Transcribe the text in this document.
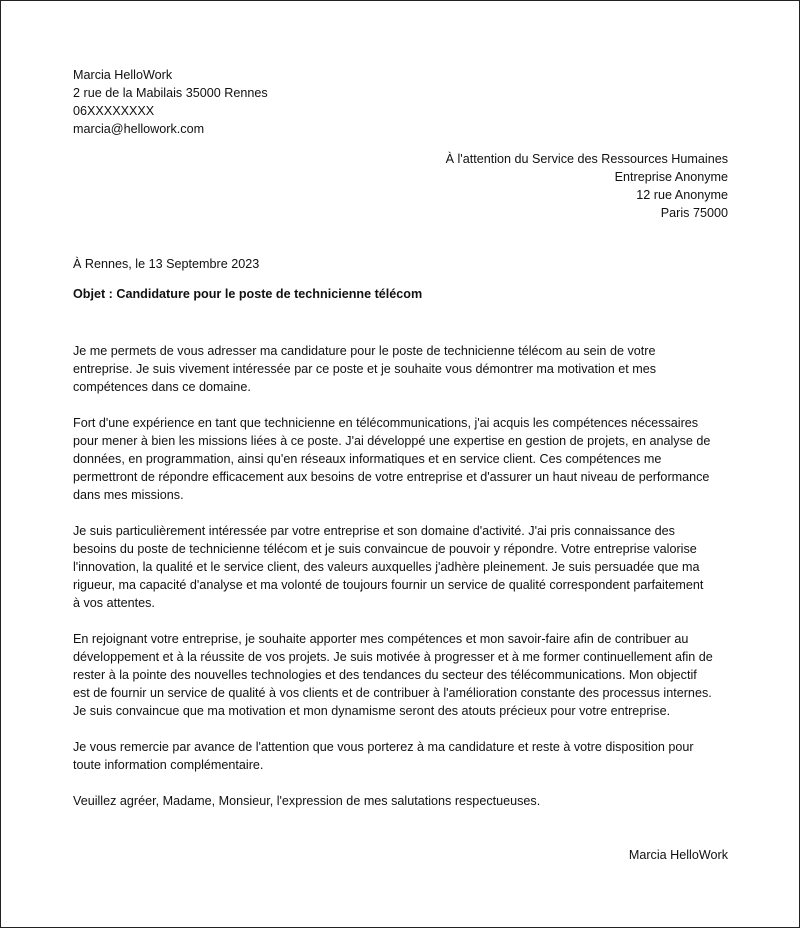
Marcia HelloWork
2 rue de la Mabilais 35000 Rennes
06XXXXXXXX
marcia@hellowork.com
À l'attention du Service des Ressources Humaines
Entreprise Anonyme
12 rue Anonyme
Paris 75000
À Rennes, le 13 Septembre 2023
Objet : Candidature pour le poste de technicienne télécom

Je me permets de vous adresser ma candidature pour le poste de technicienne télécom au sein de votre
entreprise. Je suis vivement intéressée par ce poste et je souhaite vous démontrer ma motivation et mes
compétences dans ce domaine.

Fort d'une expérience en tant que technicienne en télécommunications, j'ai acquis les compétences nécessaires
pour mener à bien les missions liées à ce poste. J'ai développé une expertise en gestion de projets, en analyse de
données, en programmation, ainsi qu'en réseaux informatiques et en service client. Ces compétences me
permettront de répondre efficacement aux besoins de votre entreprise et d'assurer un haut niveau de performance
dans mes missions.

Je suis particulièrement intéressée par votre entreprise et son domaine d'activité. J'ai pris connaissance des
besoins du poste de technicienne télécom et je suis convaincue de pouvoir y répondre. Votre entreprise valorise
l'innovation, la qualité et le service client, des valeurs auxquelles j'adhère pleinement. Je suis persuadée que ma
rigueur, ma capacité d'analyse et ma volonté de toujours fournir un service de qualité correspondent parfaitement
à vos attentes.

En rejoignant votre entreprise, je souhaite apporter mes compétences et mon savoir-faire afin de contribuer au
développement et à la réussite de vos projets. Je suis motivée à progresser et à me former continuellement afin de
rester à la pointe des nouvelles technologies et des tendances du secteur des télécommunications. Mon objectif
est de fournir un service de qualité à vos clients et de contribuer à l'amélioration constante des processus internes.
Je suis convaincue que ma motivation et mon dynamisme seront des atouts précieux pour votre entreprise.

Je vous remercie par avance de l'attention que vous porterez à ma candidature et reste à votre disposition pour
toute information complémentaire.

Veuillez agréer, Madame, Monsieur, l'expression de mes salutations respectueuses.

Marcia HelloWork
